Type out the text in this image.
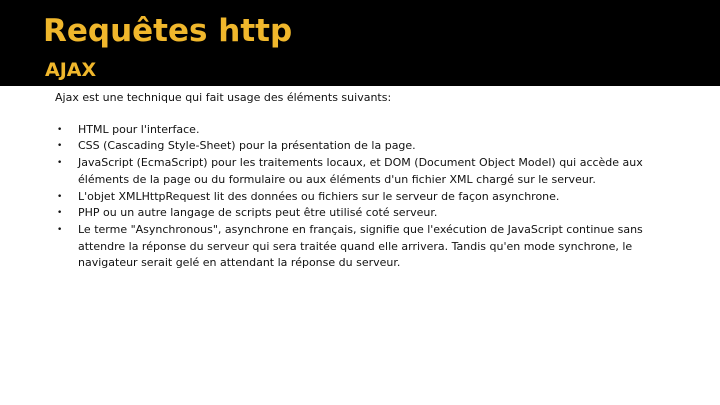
Requêtes http
AJAX

Ajax est une technique qui fait usage des éléments suivants:

• HTML pour l'interface.
• CSS (Cascading Style-Sheet) pour la présentation de la page.
• JavaScript (EcmaScript) pour les traitements locaux, et DOM (Document Object Model) qui accède aux éléments de la page ou du formulaire ou aux éléments d'un fichier XML chargé sur le serveur.
• L'objet XMLHttpRequest lit des données ou fichiers sur le serveur de façon asynchrone.
• PHP ou un autre langage de scripts peut être utilisé coté serveur.
• Le terme "Asynchronous", asynchrone en français, signifie que l'exécution de JavaScript continue sans attendre la réponse du serveur qui sera traitée quand elle arrivera. Tandis qu'en mode synchrone, le navigateur serait gelé en attendant la réponse du serveur.
